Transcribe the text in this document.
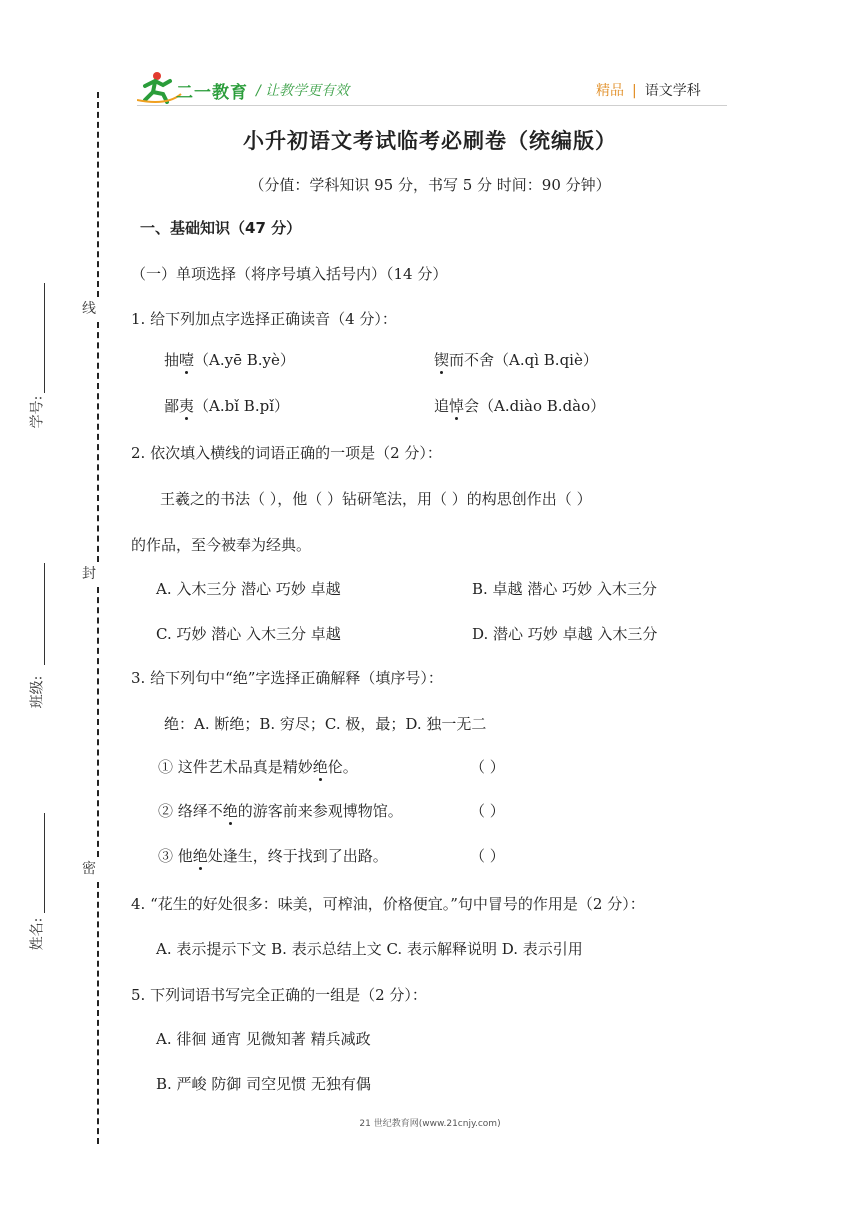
二一教育 / 让教学更有效	精品 | 语文学科
线
封
密
学号:
班级:
姓名:
小升初语文考试临考必刷卷（统编版）
（分值：学科知识 95 分，书写 5 分 时间：90 分钟）
一、基础知识（47 分）
（一）单项选择（将序号填入括号内）（14 分）
1. 给下列加点字选择正确读音（4 分）：
抽噎（A.yē B.yè）	锲而不舍（A.qì B.qiè）
鄙夷（A.bǐ B.pǐ）	追悼会（A.diào B.dào）
2. 依次填入横线的词语正确的一项是（2 分）：
王羲之的书法（ ），他（ ）钻研笔法，用（ ）的构思创作出（ ）
的作品，至今被奉为经典。
A. 入木三分 潜心 巧妙 卓越	B. 卓越 潜心 巧妙 入木三分
C. 巧妙 潜心 入木三分 卓越	D. 潜心 巧妙 卓越 入木三分
3. 给下列句中“绝”字选择正确解释（填序号）：
绝：A. 断绝；B. 穷尽；C. 极，最；D. 独一无二
① 这件艺术品真是精妙绝伦。	（ ）
② 络绎不绝的游客前来参观博物馆。	（ ）
③ 他绝处逢生，终于找到了出路。	（ ）
4. “花生的好处很多：味美，可榨油，价格便宜。”句中冒号的作用是（2 分）：
A. 表示提示下文 B. 表示总结上文 C. 表示解释说明 D. 表示引用
5. 下列词语书写完全正确的一组是（2 分）：
A. 徘徊 通宵 见微知著 精兵减政
B. 严峻 防御 司空见惯 无独有偶
21 世纪教育网(www.21cnjy.com)
